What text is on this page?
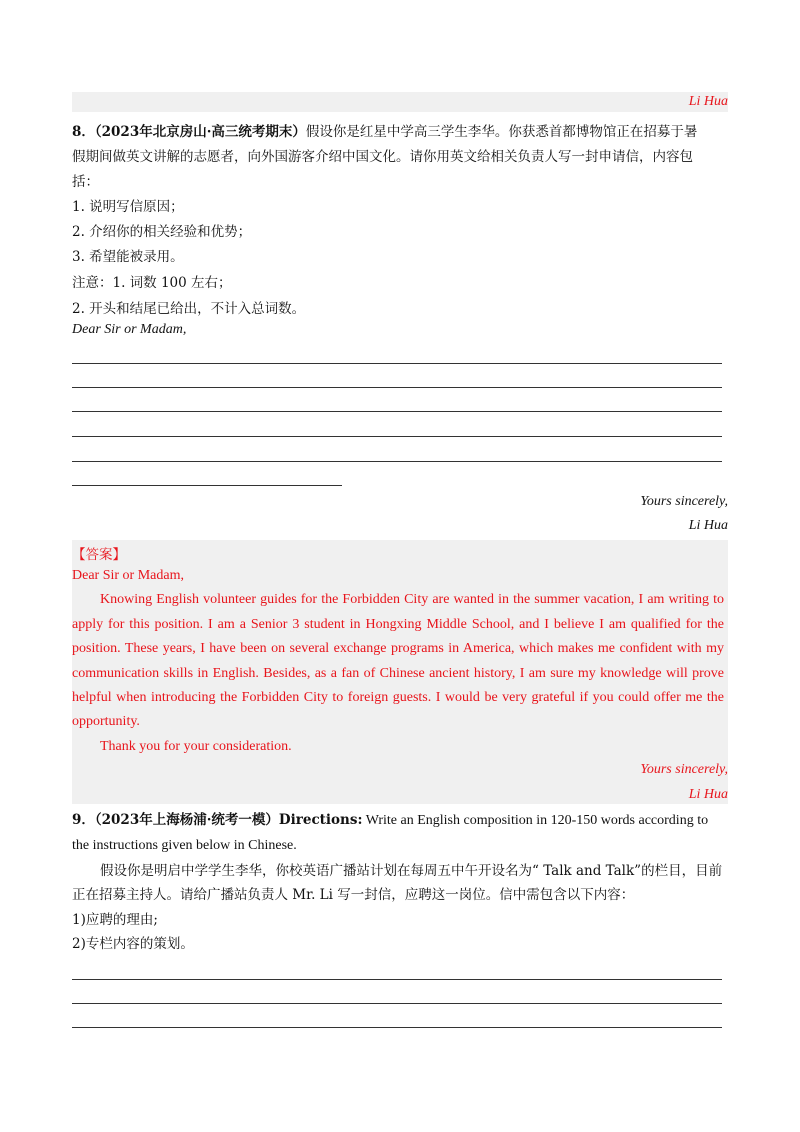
Li Hua
8．（2023年北京房山·高三统考期末）假设你是红星中学高三学生李华。你获悉首都博物馆正在招募于暑
假期间做英文讲解的志愿者，向外国游客介绍中国文化。请你用英文给相关负责人写一封申请信，内容包
括：
1. 说明写信原因；
2. 介绍你的相关经验和优势；
3. 希望能被录用。
注意：1. 词数 100 左右；
2. 开头和结尾已给出，不计入总词数。
Dear Sir or Madam,
Yours sincerely,
Li Hua
【答案】

Dear Sir or Madam,

Knowing English volunteer guides for the Forbidden City are wanted in the summer vacation, I am writing to apply for this position. I am a Senior 3 student in Hongxing Middle School, and I believe I am qualified for the position. These years, I have been on several exchange programs in America, which makes me confident with my communication skills in English. Besides, as a fan of Chinese ancient history, I am sure my knowledge will prove helpful when introducing the Forbidden City to foreign guests. I would be very grateful if you could offer me the opportunity.

Thank you for your consideration.

Yours sincerely,
Li Hua

9．（2023年上海杨浦·统考一模）Directions: Write an English composition in 120-150 words according to the instructions given below in Chinese.

假设你是明启中学学生李华，你校英语广播站计划在每周五中午开设名为“ Talk and Talk”的栏目，目前正在招募主持人。请给广播站负责人 Mr. Li 写一封信，应聘这一岗位。信中需包含以下内容：

1)应聘的理由;

2)专栏内容的策划。
